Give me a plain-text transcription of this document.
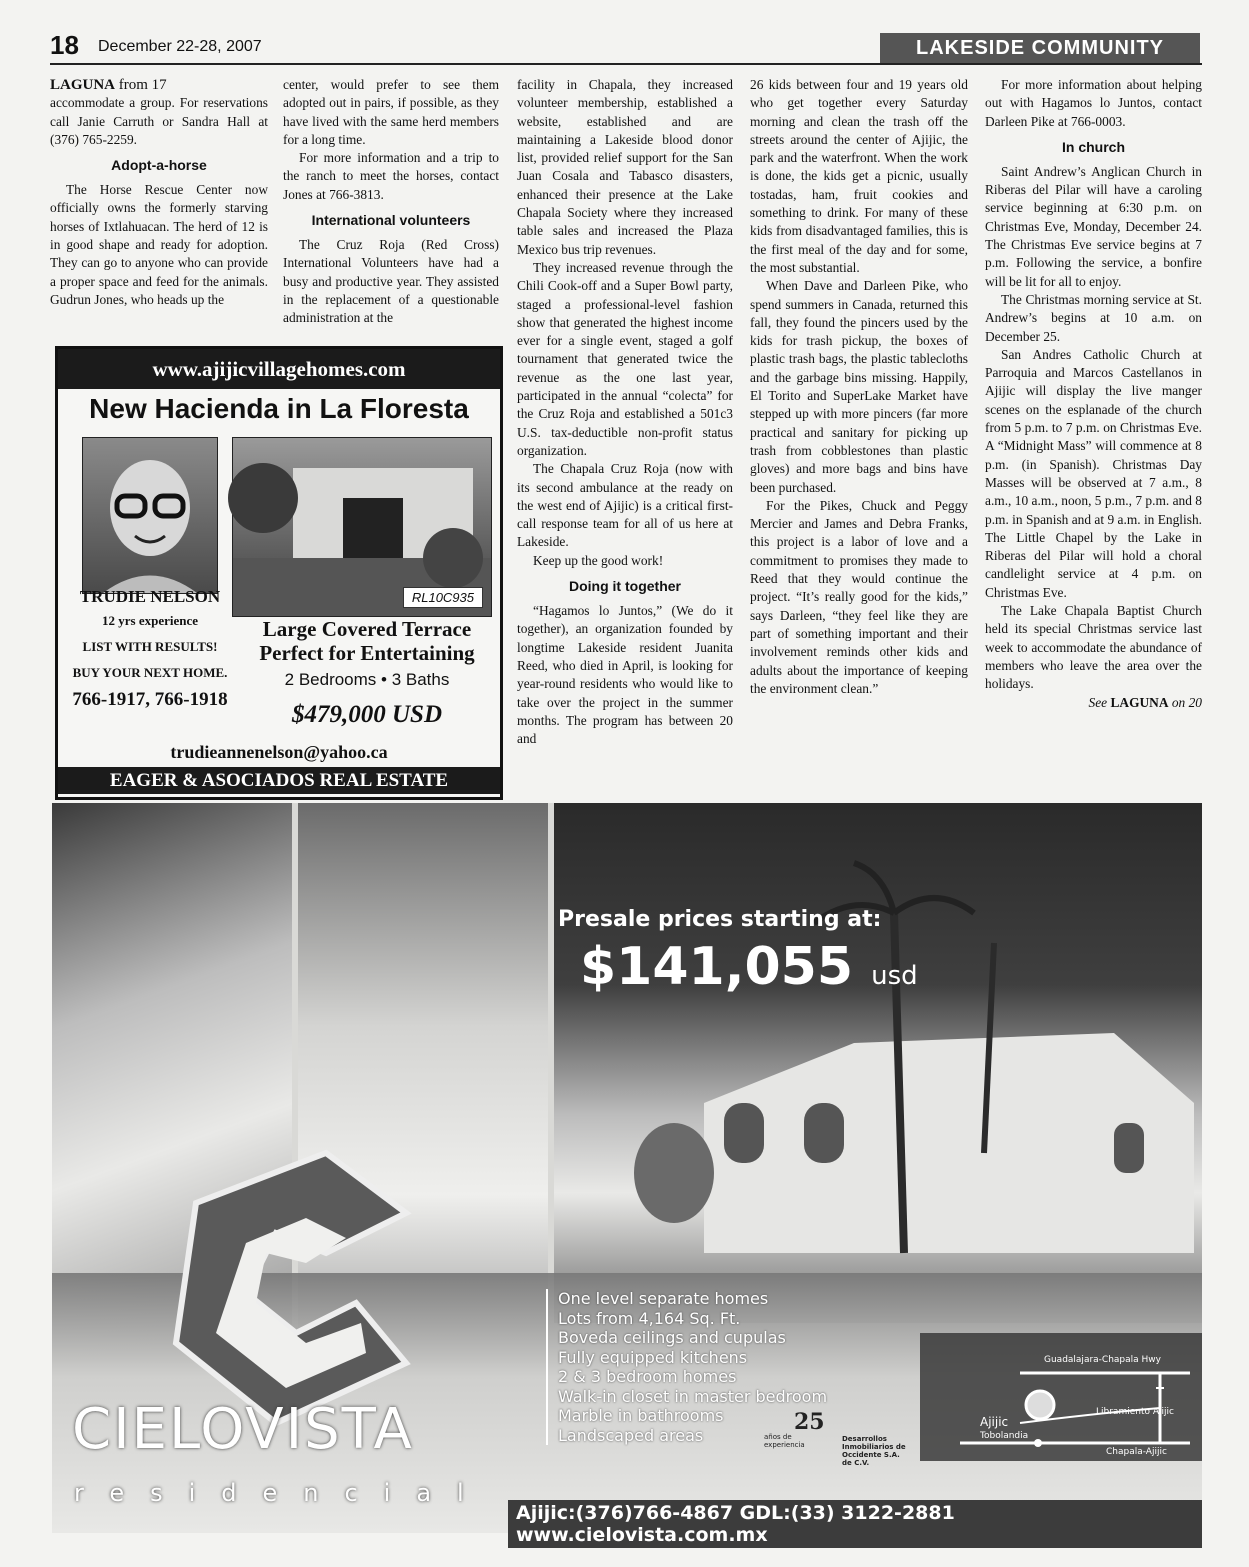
18 December 22-28, 2007	LAKESIDE COMMUNITY

LAGUNA from 17

accommodate a group. For reservations call Janie Carruth or Sandra Hall at (376) 765-2259.

Adopt-a-horse

The Horse Rescue Center now officially owns the formerly starving horses of Ixtlahuacan. The herd of 12 is in good shape and ready for adoption. They can go to anyone who can provide a proper space and feed for the animals. Gudrun Jones, who heads up the

center, would prefer to see them adopted out in pairs, if possible, as they have lived with the same herd members for a long time.

For more information and a trip to the ranch to meet the horses, contact Jones at 766-3813.

International volunteers

The Cruz Roja (Red Cross) International Volunteers have had a busy and productive year. They assisted in the replacement of a questionable administration at the

facility in Chapala, they increased volunteer membership, established a website, established and are maintaining a Lakeside blood donor list, provided relief support for the San Juan Cosala and Tabasco disasters, enhanced their presence at the Lake Chapala Society where they increased table sales and increased the Plaza Mexico bus trip revenues.

They increased revenue through the Chili Cook-off and a Super Bowl party, staged a professional-level fashion show that generated the highest income ever for a single event, staged a golf tournament that generated twice the revenue as the one last year, participated in the annual “colecta” for the Cruz Roja and established a 501c3 U.S. tax-deductible non-profit status organization.

The Chapala Cruz Roja (now with its second ambulance at the ready on the west end of Ajijic) is a critical first-call response team for all of us here at Lakeside.

Keep up the good work!

Doing it together

“Hagamos lo Juntos,” (We do it together), an organization founded by longtime Lakeside resident Juanita Reed, who died in April, is looking for year-round residents who would like to take over the project in the summer months. The program has between 20 and

26 kids between four and 19 years old who get together every Saturday morning and clean the trash off the streets around the center of Ajijic, the park and the waterfront. When the work is done, the kids get a picnic, usually tostadas, ham, fruit cookies and something to drink. For many of these kids from disadvantaged families, this is the first meal of the day and for some, the most substantial.

When Dave and Darleen Pike, who spend summers in Canada, returned this fall, they found the pincers used by the kids for trash pickup, the boxes of plastic trash bags, the plastic tablecloths and the garbage bins missing. Happily, El Torito and SuperLake Market have stepped up with more pincers (far more practical and sanitary for picking up trash from cobblestones than plastic gloves) and more bags and bins have been purchased.

For the Pikes, Chuck and Peggy Mercier and James and Debra Franks, this project is a labor of love and a commitment to promises they made to Reed that they would continue the project. “It’s really good for the kids,” says Darleen, “they feel like they are part of something important and their involvement reminds other kids and adults about the importance of keeping the environment clean.”

For more information about helping out with Hagamos lo Juntos, contact Darleen Pike at 766-0003.

In church

Saint Andrew’s Anglican Church in Riberas del Pilar will have a caroling service beginning at 6:30 p.m. on Christmas Eve, Monday, December 24. The Christmas Eve service begins at 7 p.m. Following the service, a bonfire will be lit for all to enjoy.

The Christmas morning service at St. Andrew’s begins at 10 a.m. on December 25.

San Andres Catholic Church at Parroquia and Marcos Castellanos in Ajijic will display the live manger scenes on the esplanade of the church from 5 p.m. to 7 p.m. on Christmas Eve. A “Midnight Mass” will commence at 8 p.m. (in Spanish). Christmas Day Masses will be observed at 7 a.m., 8 a.m., 10 a.m., noon, 5 p.m., 7 p.m. and 8 p.m. in Spanish and at 9 a.m. in English. The Little Chapel by the Lake in Riberas del Pilar will hold a choral candlelight service at 4 p.m. on Christmas Eve.

The Lake Chapala Baptist Church held its special Christmas service last week to accommodate the abundance of members who leave the area over the holidays.

See LAGUNA on 20
www.ajijicvillagehomes.com
New Hacienda in La Floresta
RL10C935
TRUDIE NELSON
12 yrs experience
LIST WITH RESULTS!
BUY YOUR NEXT HOME.
766-1917, 766-1918
Large Covered Terrace
Perfect for Entertaining
2 Bedrooms • 3 Baths
$479,000 USD
trudieannenelson@yahoo.ca
EAGER & ASOCIADOS REAL ESTATE
Presale prices starting at:
$141,055 usd
One level separate homes
Lots from 4,164 Sq. Ft.
Boveda ceilings and cupulas
Fully equipped kitchens
2 & 3 bedroom homes
Walk-in closet in master bedroom
Marble in bathrooms
Landscaped areas
CIELOVISTA
residencial
25
años de experiencia
Desarrollos Inmobiliarios de Occidente S.A. de C.V.
Guadalajara-Chapala Hwy
Libramiento Ajijic
Ajijic
Tobolandia
Chapala-Ajijic
Ajijic:(376)766-4867 GDL:(33) 3122-2881 www.cielovista.com.mx
